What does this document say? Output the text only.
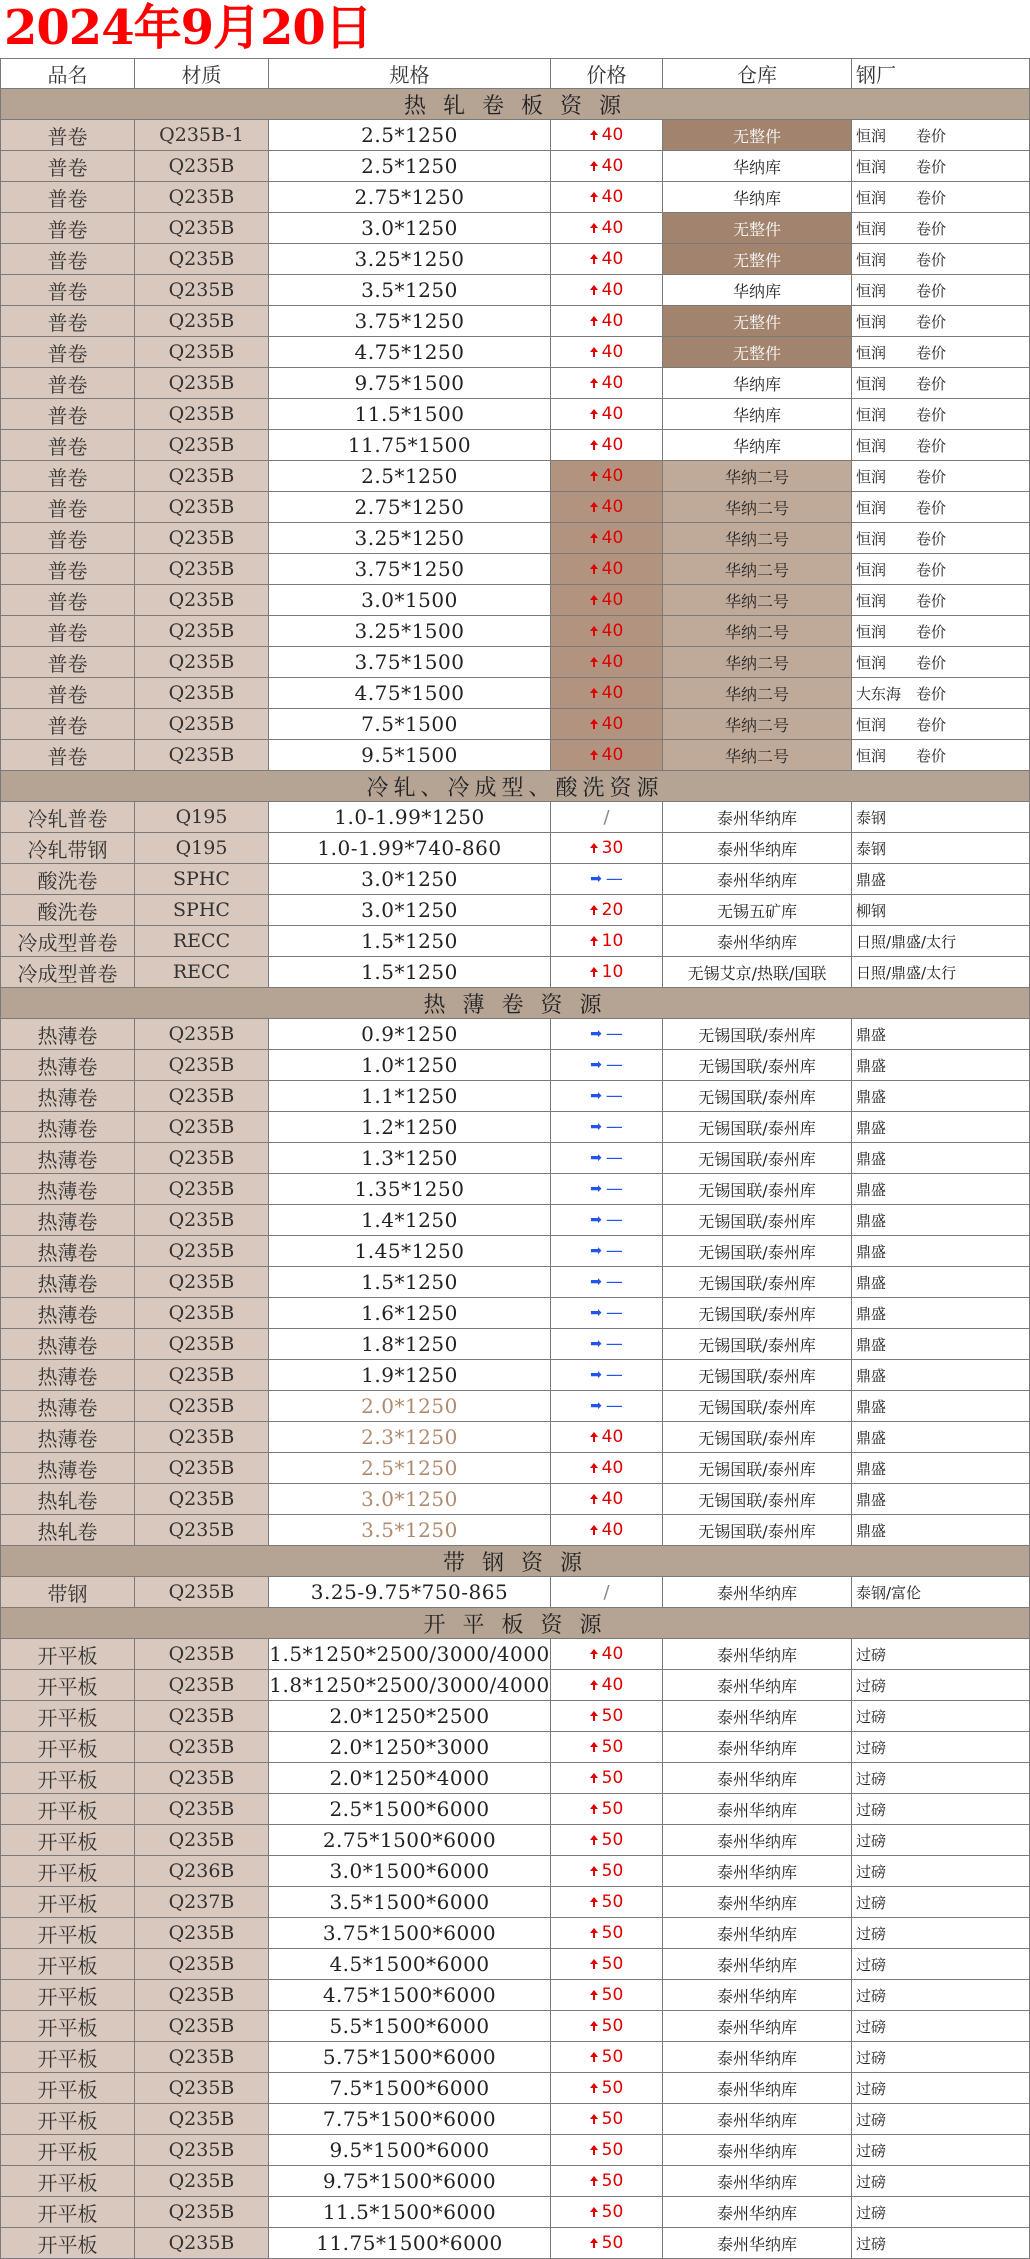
2024年9月20日
品名	材质	规格	价格	仓库	钢厂
热 轧 卷 板 资 源
普卷	Q235B-1	2.5*1250	40	无整件	恒润　　卷价
普卷	Q235B	2.5*1250	40	华纳库	恒润　　卷价
普卷	Q235B	2.75*1250	40	华纳库	恒润　　卷价
普卷	Q235B	3.0*1250	40	无整件	恒润　　卷价
普卷	Q235B	3.25*1250	40	无整件	恒润　　卷价
普卷	Q235B	3.5*1250	40	华纳库	恒润　　卷价
普卷	Q235B	3.75*1250	40	无整件	恒润　　卷价
普卷	Q235B	4.75*1250	40	无整件	恒润　　卷价
普卷	Q235B	9.75*1500	40	华纳库	恒润　　卷价
普卷	Q235B	11.5*1500	40	华纳库	恒润　　卷价
普卷	Q235B	11.75*1500	40	华纳库	恒润　　卷价
普卷	Q235B	2.5*1250	40	华纳二号	恒润　　卷价
普卷	Q235B	2.75*1250	40	华纳二号	恒润　　卷价
普卷	Q235B	3.25*1250	40	华纳二号	恒润　　卷价
普卷	Q235B	3.75*1250	40	华纳二号	恒润　　卷价
普卷	Q235B	3.0*1500	40	华纳二号	恒润　　卷价
普卷	Q235B	3.25*1500	40	华纳二号	恒润　　卷价
普卷	Q235B	3.75*1500	40	华纳二号	恒润　　卷价
普卷	Q235B	4.75*1500	40	华纳二号	大东海　卷价
普卷	Q235B	7.5*1500	40	华纳二号	恒润　　卷价
普卷	Q235B	9.5*1500	40	华纳二号	恒润　　卷价
冷轧、冷成型、酸洗资源
冷轧普卷	Q195	1.0-1.99*1250	/	泰州华纳库	泰钢
冷轧带钢	Q195	1.0-1.99*740-860	30	泰州华纳库	泰钢
酸洗卷	SPHC	3.0*1250	➡ —	泰州华纳库	鼎盛
酸洗卷	SPHC	3.0*1250	20	无锡五矿库	柳钢
冷成型普卷	RECC	1.5*1250	10	泰州华纳库	日照/鼎盛/太行
冷成型普卷	RECC	1.5*1250	10	无锡艾京/热联/国联	日照/鼎盛/太行
热 薄 卷 资 源
热薄卷	Q235B	0.9*1250	➡ —	无锡国联/泰州库	鼎盛
热薄卷	Q235B	1.0*1250	➡ —	无锡国联/泰州库	鼎盛
热薄卷	Q235B	1.1*1250	➡ —	无锡国联/泰州库	鼎盛
热薄卷	Q235B	1.2*1250	➡ —	无锡国联/泰州库	鼎盛
热薄卷	Q235B	1.3*1250	➡ —	无锡国联/泰州库	鼎盛
热薄卷	Q235B	1.35*1250	➡ —	无锡国联/泰州库	鼎盛
热薄卷	Q235B	1.4*1250	➡ —	无锡国联/泰州库	鼎盛
热薄卷	Q235B	1.45*1250	➡ —	无锡国联/泰州库	鼎盛
热薄卷	Q235B	1.5*1250	➡ —	无锡国联/泰州库	鼎盛
热薄卷	Q235B	1.6*1250	➡ —	无锡国联/泰州库	鼎盛
热薄卷	Q235B	1.8*1250	➡ —	无锡国联/泰州库	鼎盛
热薄卷	Q235B	1.9*1250	➡ —	无锡国联/泰州库	鼎盛
热薄卷	Q235B	2.0*1250	➡ —	无锡国联/泰州库	鼎盛
热薄卷	Q235B	2.3*1250	40	无锡国联/泰州库	鼎盛
热薄卷	Q235B	2.5*1250	40	无锡国联/泰州库	鼎盛
热轧卷	Q235B	3.0*1250	40	无锡国联/泰州库	鼎盛
热轧卷	Q235B	3.5*1250	40	无锡国联/泰州库	鼎盛
带 钢 资 源
带钢	Q235B	3.25-9.75*750-865	/	泰州华纳库	泰钢/富伦
开 平 板 资 源
开平板	Q235B	1.5*1250*2500/3000/4000	40	泰州华纳库	过磅
开平板	Q235B	1.8*1250*2500/3000/4000	40	泰州华纳库	过磅
开平板	Q235B	2.0*1250*2500	50	泰州华纳库	过磅
开平板	Q235B	2.0*1250*3000	50	泰州华纳库	过磅
开平板	Q235B	2.0*1250*4000	50	泰州华纳库	过磅
开平板	Q235B	2.5*1500*6000	50	泰州华纳库	过磅
开平板	Q235B	2.75*1500*6000	50	泰州华纳库	过磅
开平板	Q236B	3.0*1500*6000	50	泰州华纳库	过磅
开平板	Q237B	3.5*1500*6000	50	泰州华纳库	过磅
开平板	Q235B	3.75*1500*6000	50	泰州华纳库	过磅
开平板	Q235B	4.5*1500*6000	50	泰州华纳库	过磅
开平板	Q235B	4.75*1500*6000	50	泰州华纳库	过磅
开平板	Q235B	5.5*1500*6000	50	泰州华纳库	过磅
开平板	Q235B	5.75*1500*6000	50	泰州华纳库	过磅
开平板	Q235B	7.5*1500*6000	50	泰州华纳库	过磅
开平板	Q235B	7.75*1500*6000	50	泰州华纳库	过磅
开平板	Q235B	9.5*1500*6000	50	泰州华纳库	过磅
开平板	Q235B	9.75*1500*6000	50	泰州华纳库	过磅
开平板	Q235B	11.5*1500*6000	50	泰州华纳库	过磅
开平板	Q235B	11.75*1500*6000	50	泰州华纳库	过磅
